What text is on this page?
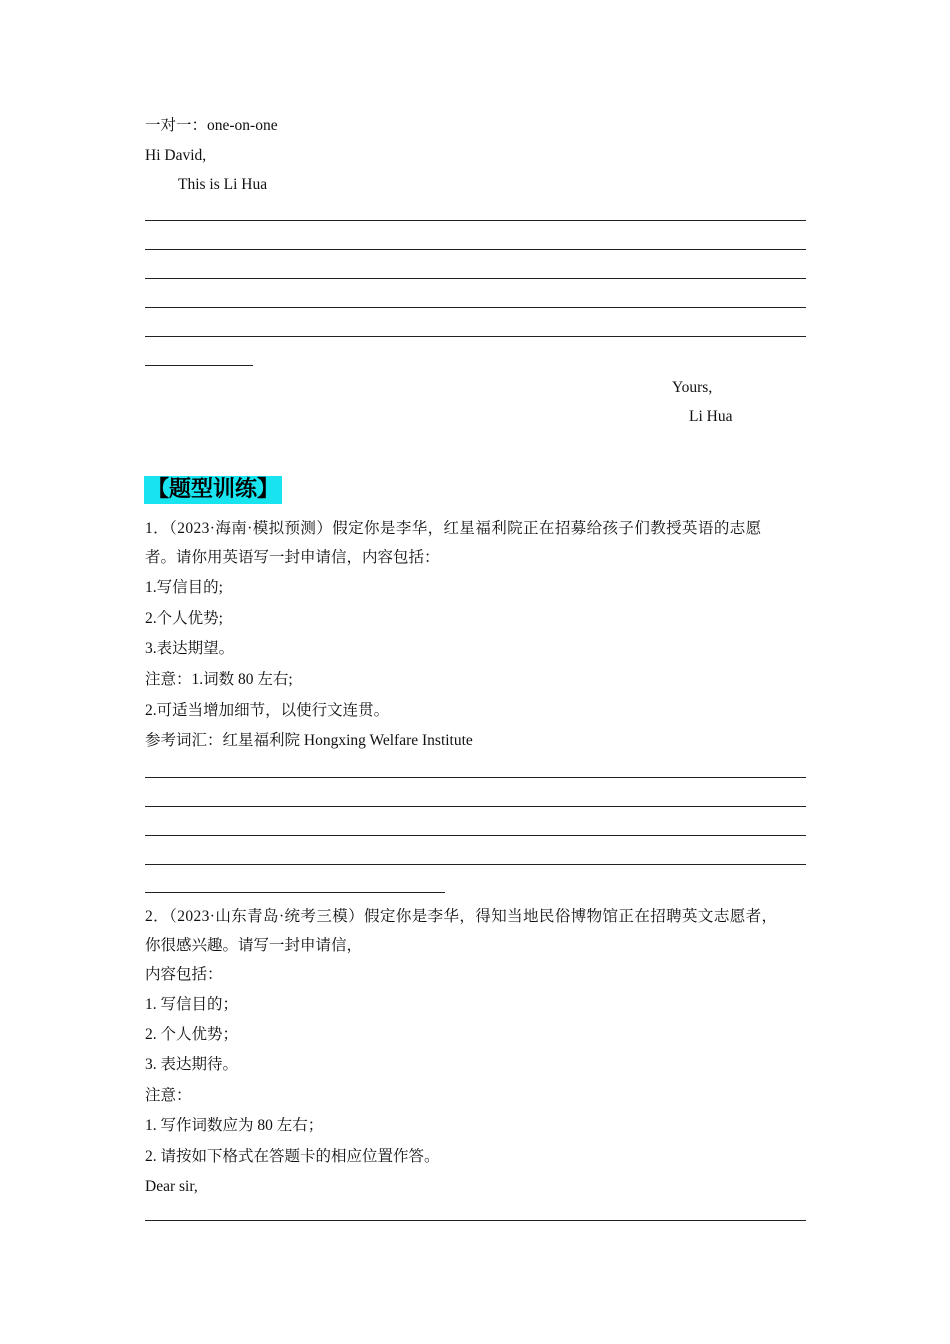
一对一：one-on-one
Hi David,
This is Li Hua
Yours,
Li Hua
【题型训练】
1．（2023·海南·模拟预测）假定你是李华，红星福利院正在招募给孩子们教授英语的志愿
者。请你用英语写一封申请信，内容包括：
1.写信目的;
2.个人优势;
3.表达期望。
注意：1.词数 80 左右;
2.可适当增加细节，以使行文连贯。
参考词汇：红星福利院 Hongxing Welfare Institute
2．（2023·山东青岛·统考三模）假定你是李华，得知当地民俗博物馆正在招聘英文志愿者，
你很感兴趣。请写一封申请信，
内容包括：
1. 写信目的；
2. 个人优势；
3. 表达期待。
注意：
1. 写作词数应为 80 左右；
2. 请按如下格式在答题卡的相应位置作答。
Dear sir,
